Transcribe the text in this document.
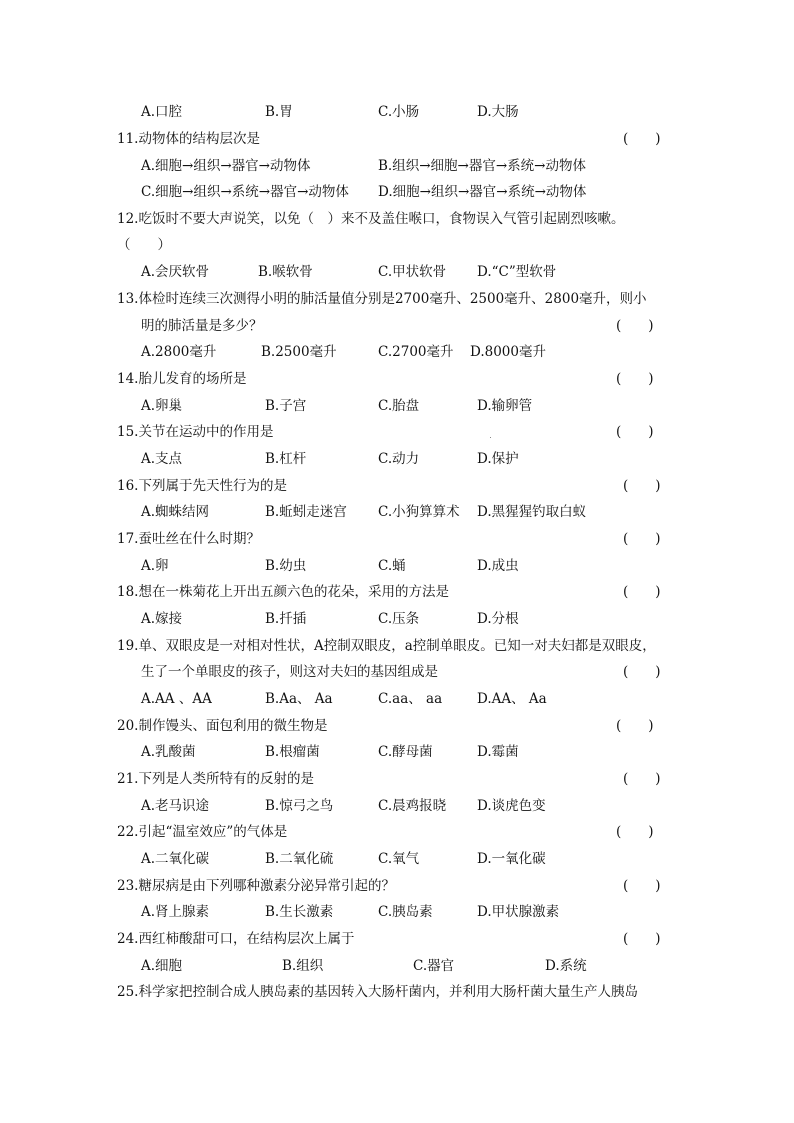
A.口腔	B.胃	C.小肠	D.大肠
11.动物体的结构层次是	(　　)
A.细胞→组织→器官→动物体	B.组织→细胞→器官→系统→动物体
C.细胞→组织→系统→器官→动物体 D.细胞→组织→器官→系统→动物体
12.吃饭时不要大声说笑，以免（　）来不及盖住喉口，食物误入气管引起剧烈咳嗽。
（　　）
A.会厌软骨	B.喉软骨	C.甲状软骨 D.“C”型软骨
13.体检时连续三次测得小明的肺活量值分别是2700毫升、2500毫升、2800毫升，则小
明的肺活量是多少？	(　　)
A.2800毫升	B.2500毫升	C.2700毫升 D.8000毫升
14.胎儿发育的场所是	(　　)
A.卵巢	B.子宫	C.胎盘	D.输卵管
15.关节在运动中的作用是	(　　)
A.支点	B.杠杆	C.动力	D.保护
16.下列属于先天性行为的是	(　　)
A.蜘蛛结网	B.蚯蚓走迷宫 C.小狗算算术 D.黑猩猩钓取白蚁
17.蚕吐丝在什么时期？	(　　)
A.卵	B.幼虫	C.蛹	D.成虫
18.想在一株菊花上开出五颜六色的花朵，采用的方法是	(　　)
A.嫁接	B.扦插	C.压条	D.分根
19.单、双眼皮是一对相对性状，A控制双眼皮，a控制单眼皮。已知一对夫妇都是双眼皮，
生了一个单眼皮的孩子，则这对夫妇的基因组成是	(　　)
A.AA 、AA	B.Aa、 Aa	C.aa、 aa	D.AA、 Aa
20.制作馒头、面包利用的微生物是	(　　)
A.乳酸菌	B.根瘤菌	C.酵母菌	D.霉菌
21.下列是人类所特有的反射的是	(　　)
A.老马识途	B.惊弓之鸟	C.晨鸡报晓 D.谈虎色变
22.引起“温室效应”的气体是	(　　)
A.二氧化碳	B.二氧化硫	C.氧气	D.一氧化碳
23.糖尿病是由下列哪种激素分泌异常引起的？	(　　)
A.肾上腺素	B.生长激素	C.胰岛素	D.甲状腺激素
24.西红柿酸甜可口，在结构层次上属于	(　　)
A.细胞	B.组织	C.器官	D.系统
25.科学家把控制合成人胰岛素的基因转入大肠杆菌内，并利用大肠杆菌大量生产人胰岛
